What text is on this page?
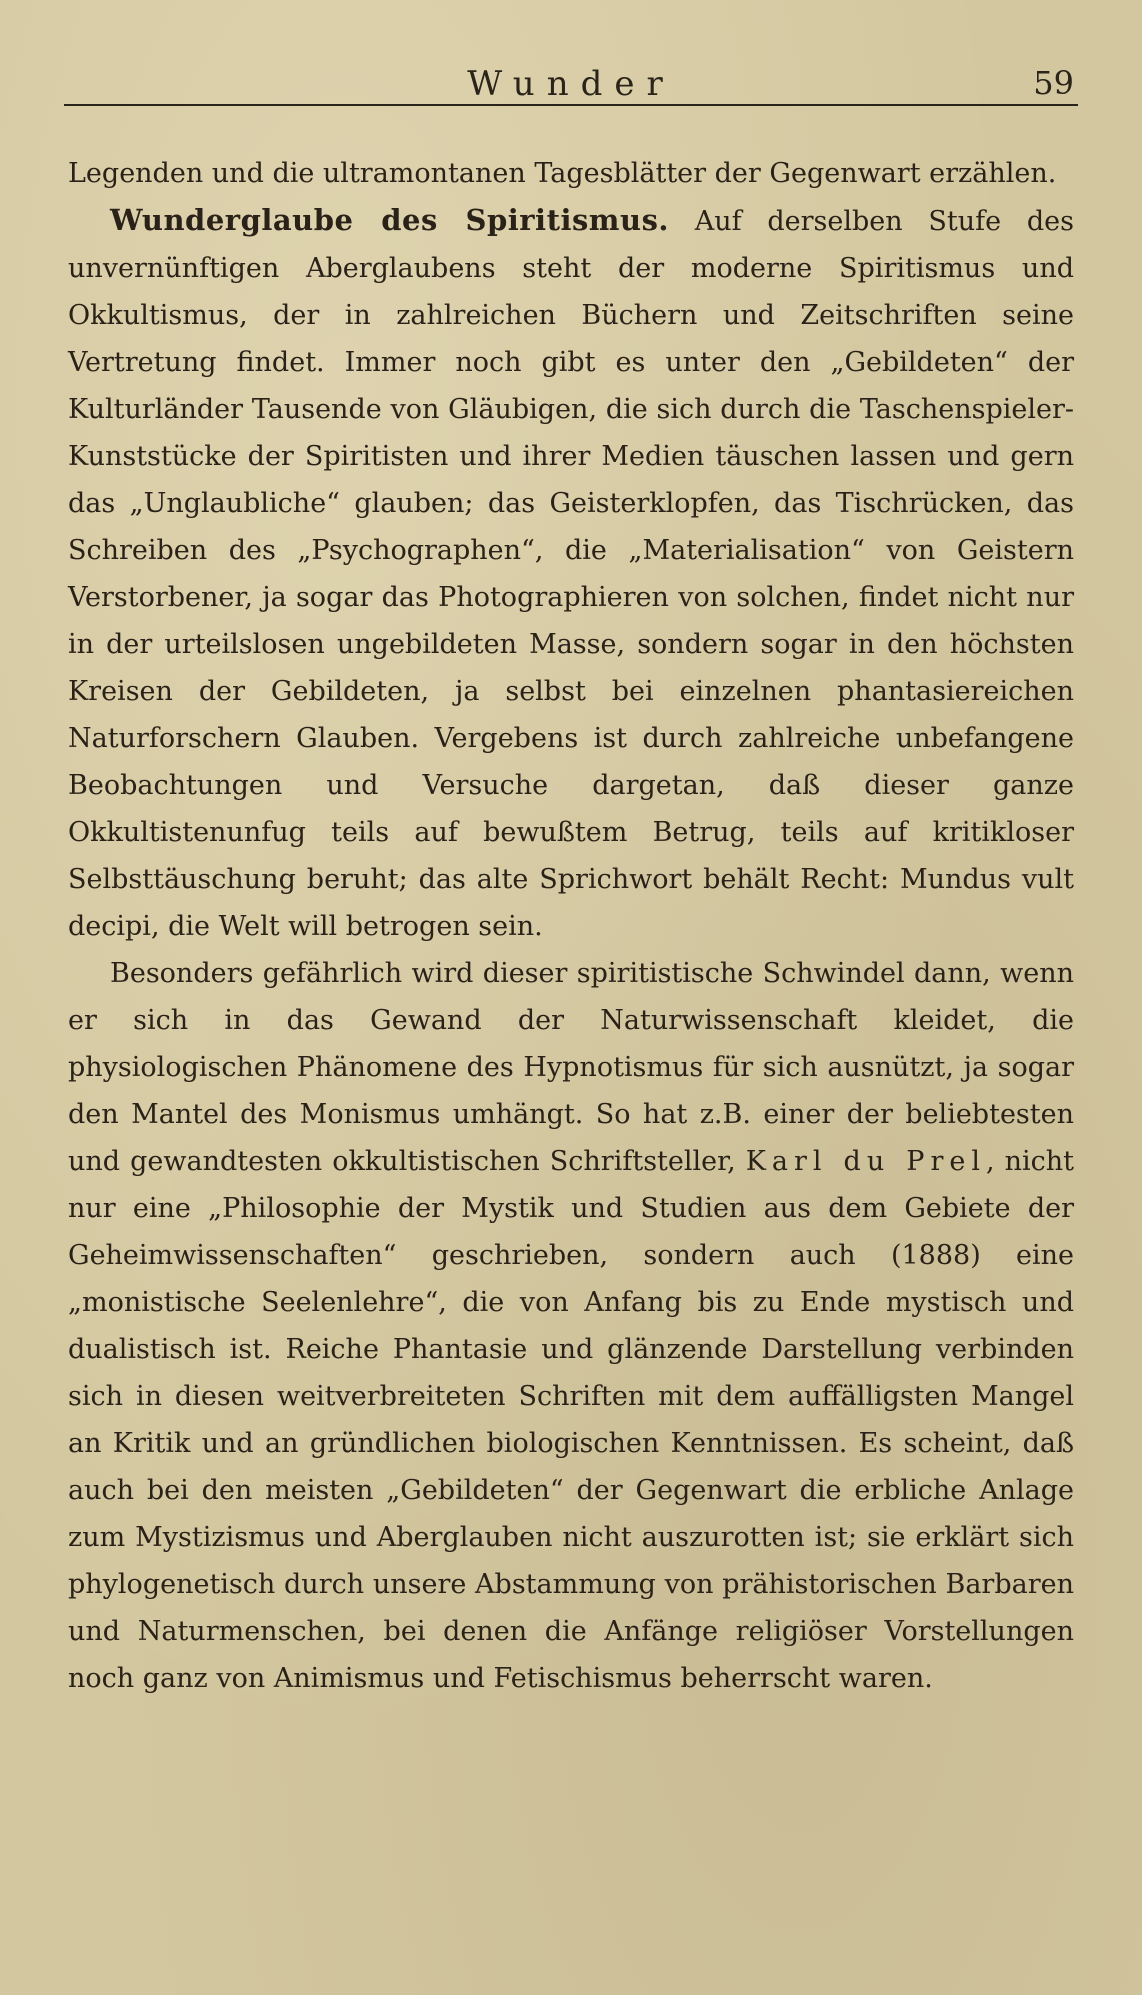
Wunder	59

Legenden und die ultramontanen Tagesblätter der Gegenwart erzählen.

Wunderglaube des Spiritismus. Auf derselben Stufe des unvernünftigen Aberglaubens steht der moderne Spiritismus und Okkultismus, der in zahlreichen Büchern und Zeitschriften seine Vertretung findet. Immer noch gibt es unter den „Gebildeten“ der Kulturländer Tausende von Gläubigen, die sich durch die Taschenspieler-Kunststücke der Spiritisten und ihrer Medien täuschen lassen und gern das „Unglaubliche“ glauben; das Geisterklopfen, das Tischrücken, das Schreiben des „Psychographen“, die „Materialisation“ von Geistern Verstorbener, ja sogar das Photographieren von solchen, findet nicht nur in der urteilslosen ungebildeten Masse, sondern sogar in den höchsten Kreisen der Gebildeten, ja selbst bei einzelnen phantasiereichen Naturforschern Glauben. Vergebens ist durch zahlreiche unbefangene Beobachtungen und Versuche dargetan, daß dieser ganze Okkultistenunfug teils auf bewußtem Betrug, teils auf kritikloser Selbsttäuschung beruht; das alte Sprichwort behält Recht: Mundus vult decipi, die Welt will betrogen sein.

Besonders gefährlich wird dieser spiritistische Schwindel dann, wenn er sich in das Gewand der Naturwissenschaft kleidet, die physiologischen Phänomene des Hypnotismus für sich ausnützt, ja sogar den Mantel des Monismus umhängt. So hat z.B. einer der beliebtesten und gewandtesten okkultistischen Schriftsteller, Karl du Prel, nicht nur eine „Philosophie der Mystik und Studien aus dem Gebiete der Geheimwissenschaften“ geschrieben, sondern auch (1888) eine „monistische Seelenlehre“, die von Anfang bis zu Ende mystisch und dualistisch ist. Reiche Phantasie und glänzende Darstellung verbinden sich in diesen weitverbreiteten Schriften mit dem auffälligsten Mangel an Kritik und an gründlichen biologischen Kenntnissen. Es scheint, daß auch bei den meisten „Gebildeten“ der Gegenwart die erbliche Anlage zum Mystizismus und Aberglauben nicht auszurotten ist; sie erklärt sich phylogenetisch durch unsere Abstammung von prähistorischen Barbaren und Naturmenschen, bei denen die Anfänge religiöser Vorstellungen noch ganz von Animismus und Fetischismus beherrscht waren.
